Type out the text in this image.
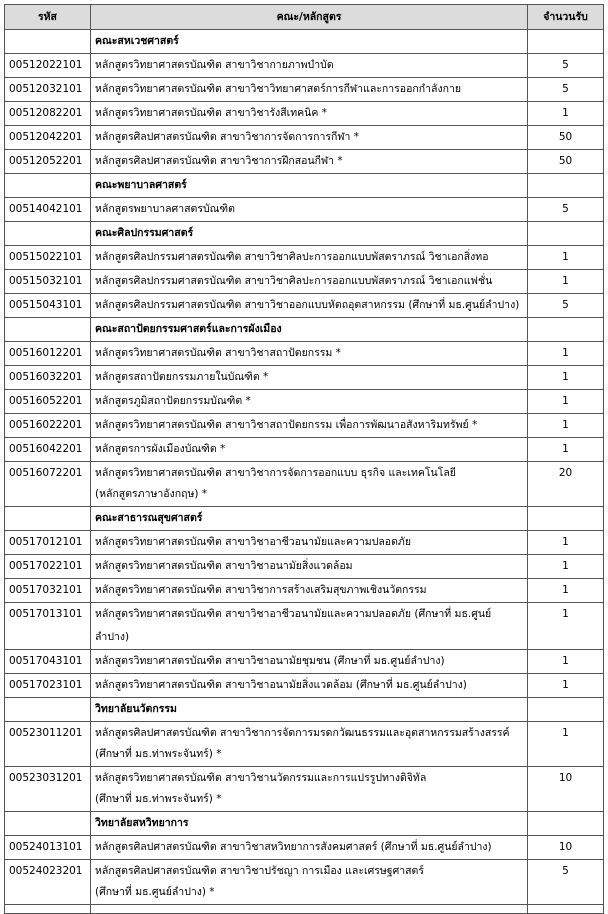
รหัส	คณะ/หลักสูตร	จำนวนรับ
	คณะสหเวชศาสตร์	
00512022101	หลักสูตรวิทยาศาสตรบัณฑิต สาขาวิชากายภาพบำบัด	5
00512032101	หลักสูตรวิทยาศาสตรบัณฑิต สาขาวิชาวิทยาศาสตร์การกีฬาและการออกกำลังกาย	5
00512082201	หลักสูตรวิทยาศาสตรบัณฑิต สาขาวิชารังสีเทคนิค *	1
00512042201	หลักสูตรศิลปศาสตรบัณฑิต สาขาวิชาการจัดการการกีฬา *	50
00512052201	หลักสูตรศิลปศาสตรบัณฑิต สาขาวิชาการฝึกสอนกีฬา *	50
	คณะพยาบาลศาสตร์	
00514042101	หลักสูตรพยาบาลศาสตรบัณฑิต	5
	คณะศิลปกรรมศาสตร์	
00515022101	หลักสูตรศิลปกรรมศาสตรบัณฑิต สาขาวิชาศิลปะการออกแบบพัสตราภรณ์ วิชาเอกสิ่งทอ	1
00515032101	หลักสูตรศิลปกรรมศาสตรบัณฑิต สาขาวิชาศิลปะการออกแบบพัสตราภรณ์ วิชาเอกแฟชั่น	1
00515043101	หลักสูตรศิลปกรรมศาสตรบัณฑิต สาขาวิชาออกแบบหัตถอุตสาหกรรม (ศึกษาที่ มธ.ศูนย์ลำปาง)	5
	คณะสถาปัตยกรรมศาสตร์และการผังเมือง	
00516012201	หลักสูตรวิทยาศาสตรบัณฑิต สาขาวิชาสถาปัตยกรรม *	1
00516032201	หลักสูตรสถาปัตยกรรมภายในบัณฑิต *	1
00516052201	หลักสูตรภูมิสถาปัตยกรรมบัณฑิต *	1
00516022201	หลักสูตรวิทยาศาสตรบัณฑิต สาขาวิชาสถาปัตยกรรม เพื่อการพัฒนาอสังหาริมทรัพย์ *	1
00516042201	หลักสูตรการผังเมืองบัณฑิต *	1
00516072201	หลักสูตรวิทยาศาสตรบัณฑิต สาขาวิชาการจัดการออกแบบ ธุรกิจ และเทคโนโลยี
(หลักสูตรภาษาอังกฤษ) *	20
	คณะสาธารณสุขศาสตร์	
00517012101	หลักสูตรวิทยาศาสตรบัณฑิต สาขาวิชาอาชีวอนามัยและความปลอดภัย	1
00517022101	หลักสูตรวิทยาศาสตรบัณฑิต สาขาวิชาอนามัยสิ่งแวดล้อม	1
00517032101	หลักสูตรวิทยาศาสตรบัณฑิต สาขาวิชาการสร้างเสริมสุขภาพเชิงนวัตกรรม	1
00517013101	หลักสูตรวิทยาศาสตรบัณฑิต สาขาวิชาอาชีวอนามัยและความปลอดภัย (ศึกษาที่ มธ.ศูนย์ลำปาง)	1
00517043101	หลักสูตรวิทยาศาสตรบัณฑิต สาขาวิชาอนามัยชุมชน (ศึกษาที่ มธ.ศูนย์ลำปาง)	1
00517023101	หลักสูตรวิทยาศาสตรบัณฑิต สาขาวิชาอนามัยสิ่งแวดล้อม (ศึกษาที่ มธ.ศูนย์ลำปาง)	1
	วิทยาลัยนวัตกรรม	
00523011201	หลักสูตรศิลปศาสตรบัณฑิต สาขาวิชาการจัดการมรดกวัฒนธรรมและอุตสาหกรรมสร้างสรรค์
(ศึกษาที่ มธ.ท่าพระจันทร์) *	1
00523031201	หลักสูตรวิทยาศาสตรบัณฑิต สาขาวิชานวัตกรรมและการแปรรูปทางดิจิทัล
(ศึกษาที่ มธ.ท่าพระจันทร์) *	10
	วิทยาลัยสหวิทยาการ	
00524013101	หลักสูตรศิลปศาสตรบัณฑิต สาขาวิชาสหวิทยาการสังคมศาสตร์ (ศึกษาที่ มธ.ศูนย์ลำปาง)	10
00524023201	หลักสูตรศิลปศาสตรบัณฑิต สาขาวิชาปรัชญา การเมือง และเศรษฐศาสตร์
(ศึกษาที่ มธ.ศูนย์ลำปาง) *	5
